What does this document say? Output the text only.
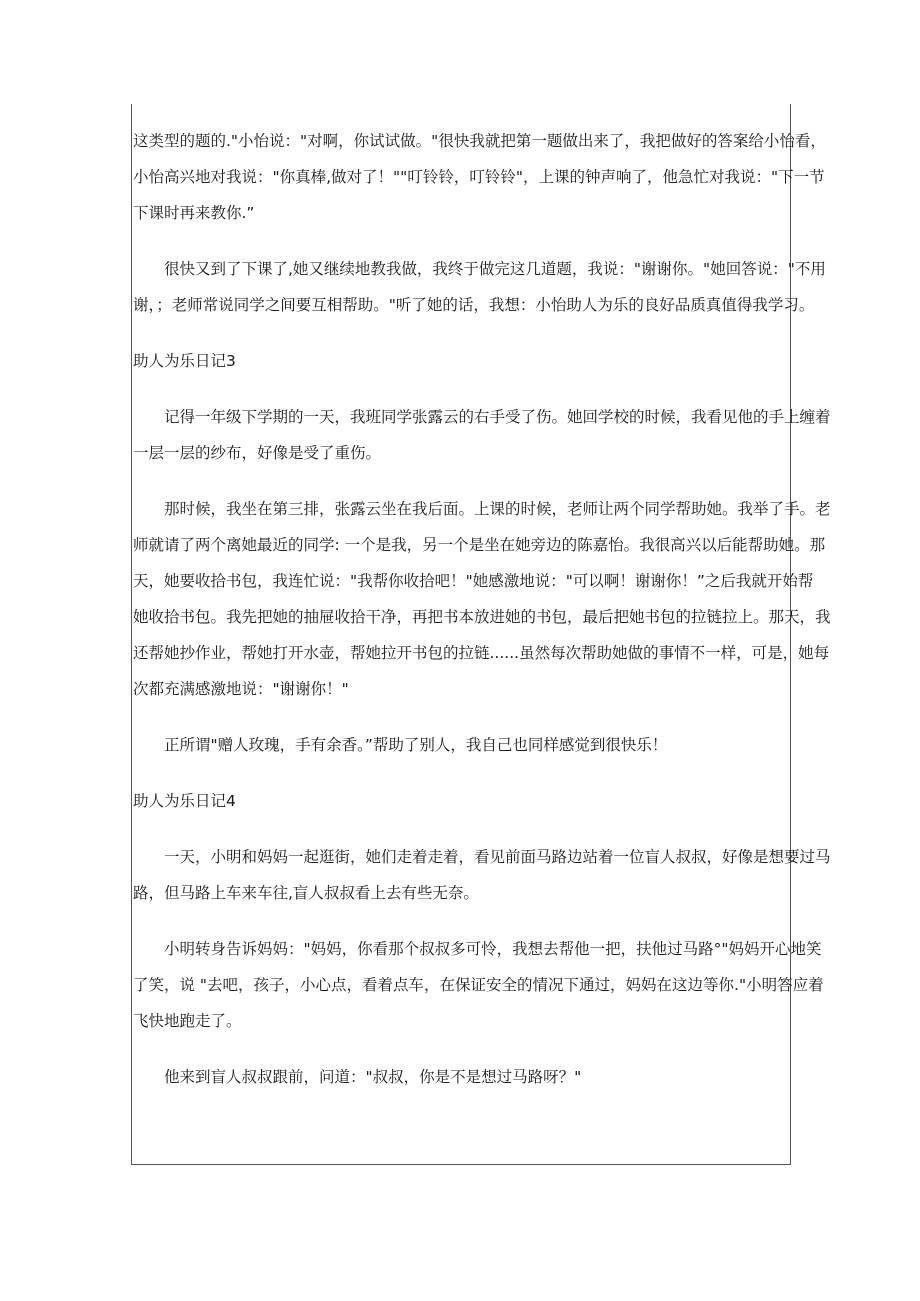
这类型的题的."小怡说："对啊，你试试做。"很快我就把第一题做出来了，我把做好的答案给小怡看，
小怡高兴地对我说："你真棒,做对了！""叮铃铃，叮铃铃"，上课的钟声响了，他急忙对我说："下一节
下课时再来教你.”
很快又到了下课了,她又继续地教我做，我终于做完这几道题，我说："谢谢你。"她回答说："不用
谢，；老师常说同学之间要互相帮助。"听了她的话，我想：小怡助人为乐的良好品质真值得我学习。
助人为乐日记3
记得一年级下学期的一天，我班同学张露云的右手受了伤。她回学校的时候，我看见他的手上缠着
一层一层的纱布，好像是受了重伤。
那时候，我坐在第三排，张露云坐在我后面。上课的时候，老师让两个同学帮助她。我举了手。老
师就请了两个离她最近的同学: 一个是我，另一个是坐在她旁边的陈嘉怡。我很高兴以后能帮助她。那
天，她要收拾书包，我连忙说："我帮你收拾吧！"她感激地说："可以啊！谢谢你！”之后我就开始帮
她收拾书包。我先把她的抽屉收拾干净，再把书本放进她的书包，最后把她书包的拉链拉上。那天，我
还帮她抄作业，帮她打开水壶，帮她拉开书包的拉链......虽然每次帮助她做的事情不一样，可是，她每
次都充满感激地说："谢谢你！"
正所谓"赠人玫瑰，手有余香。”帮助了别人，我自己也同样感觉到很快乐！
助人为乐日记4
一天，小明和妈妈一起逛街，她们走着走着，看见前面马路边站着一位盲人叔叔，好像是想要过马
路，但马路上车来车往,盲人叔叔看上去有些无奈。
小明转身告诉妈妈："妈妈，你看那个叔叔多可怜，我想去帮他一把，扶他过马路°"妈妈开心地笑
了笑，说 "去吧，孩子，小心点，看着点车，在保证安全的情况下通过，妈妈在这边等你."小明答应着
飞快地跑走了。
他来到盲人叔叔跟前，问道："叔叔，你是不是想过马路呀？"
